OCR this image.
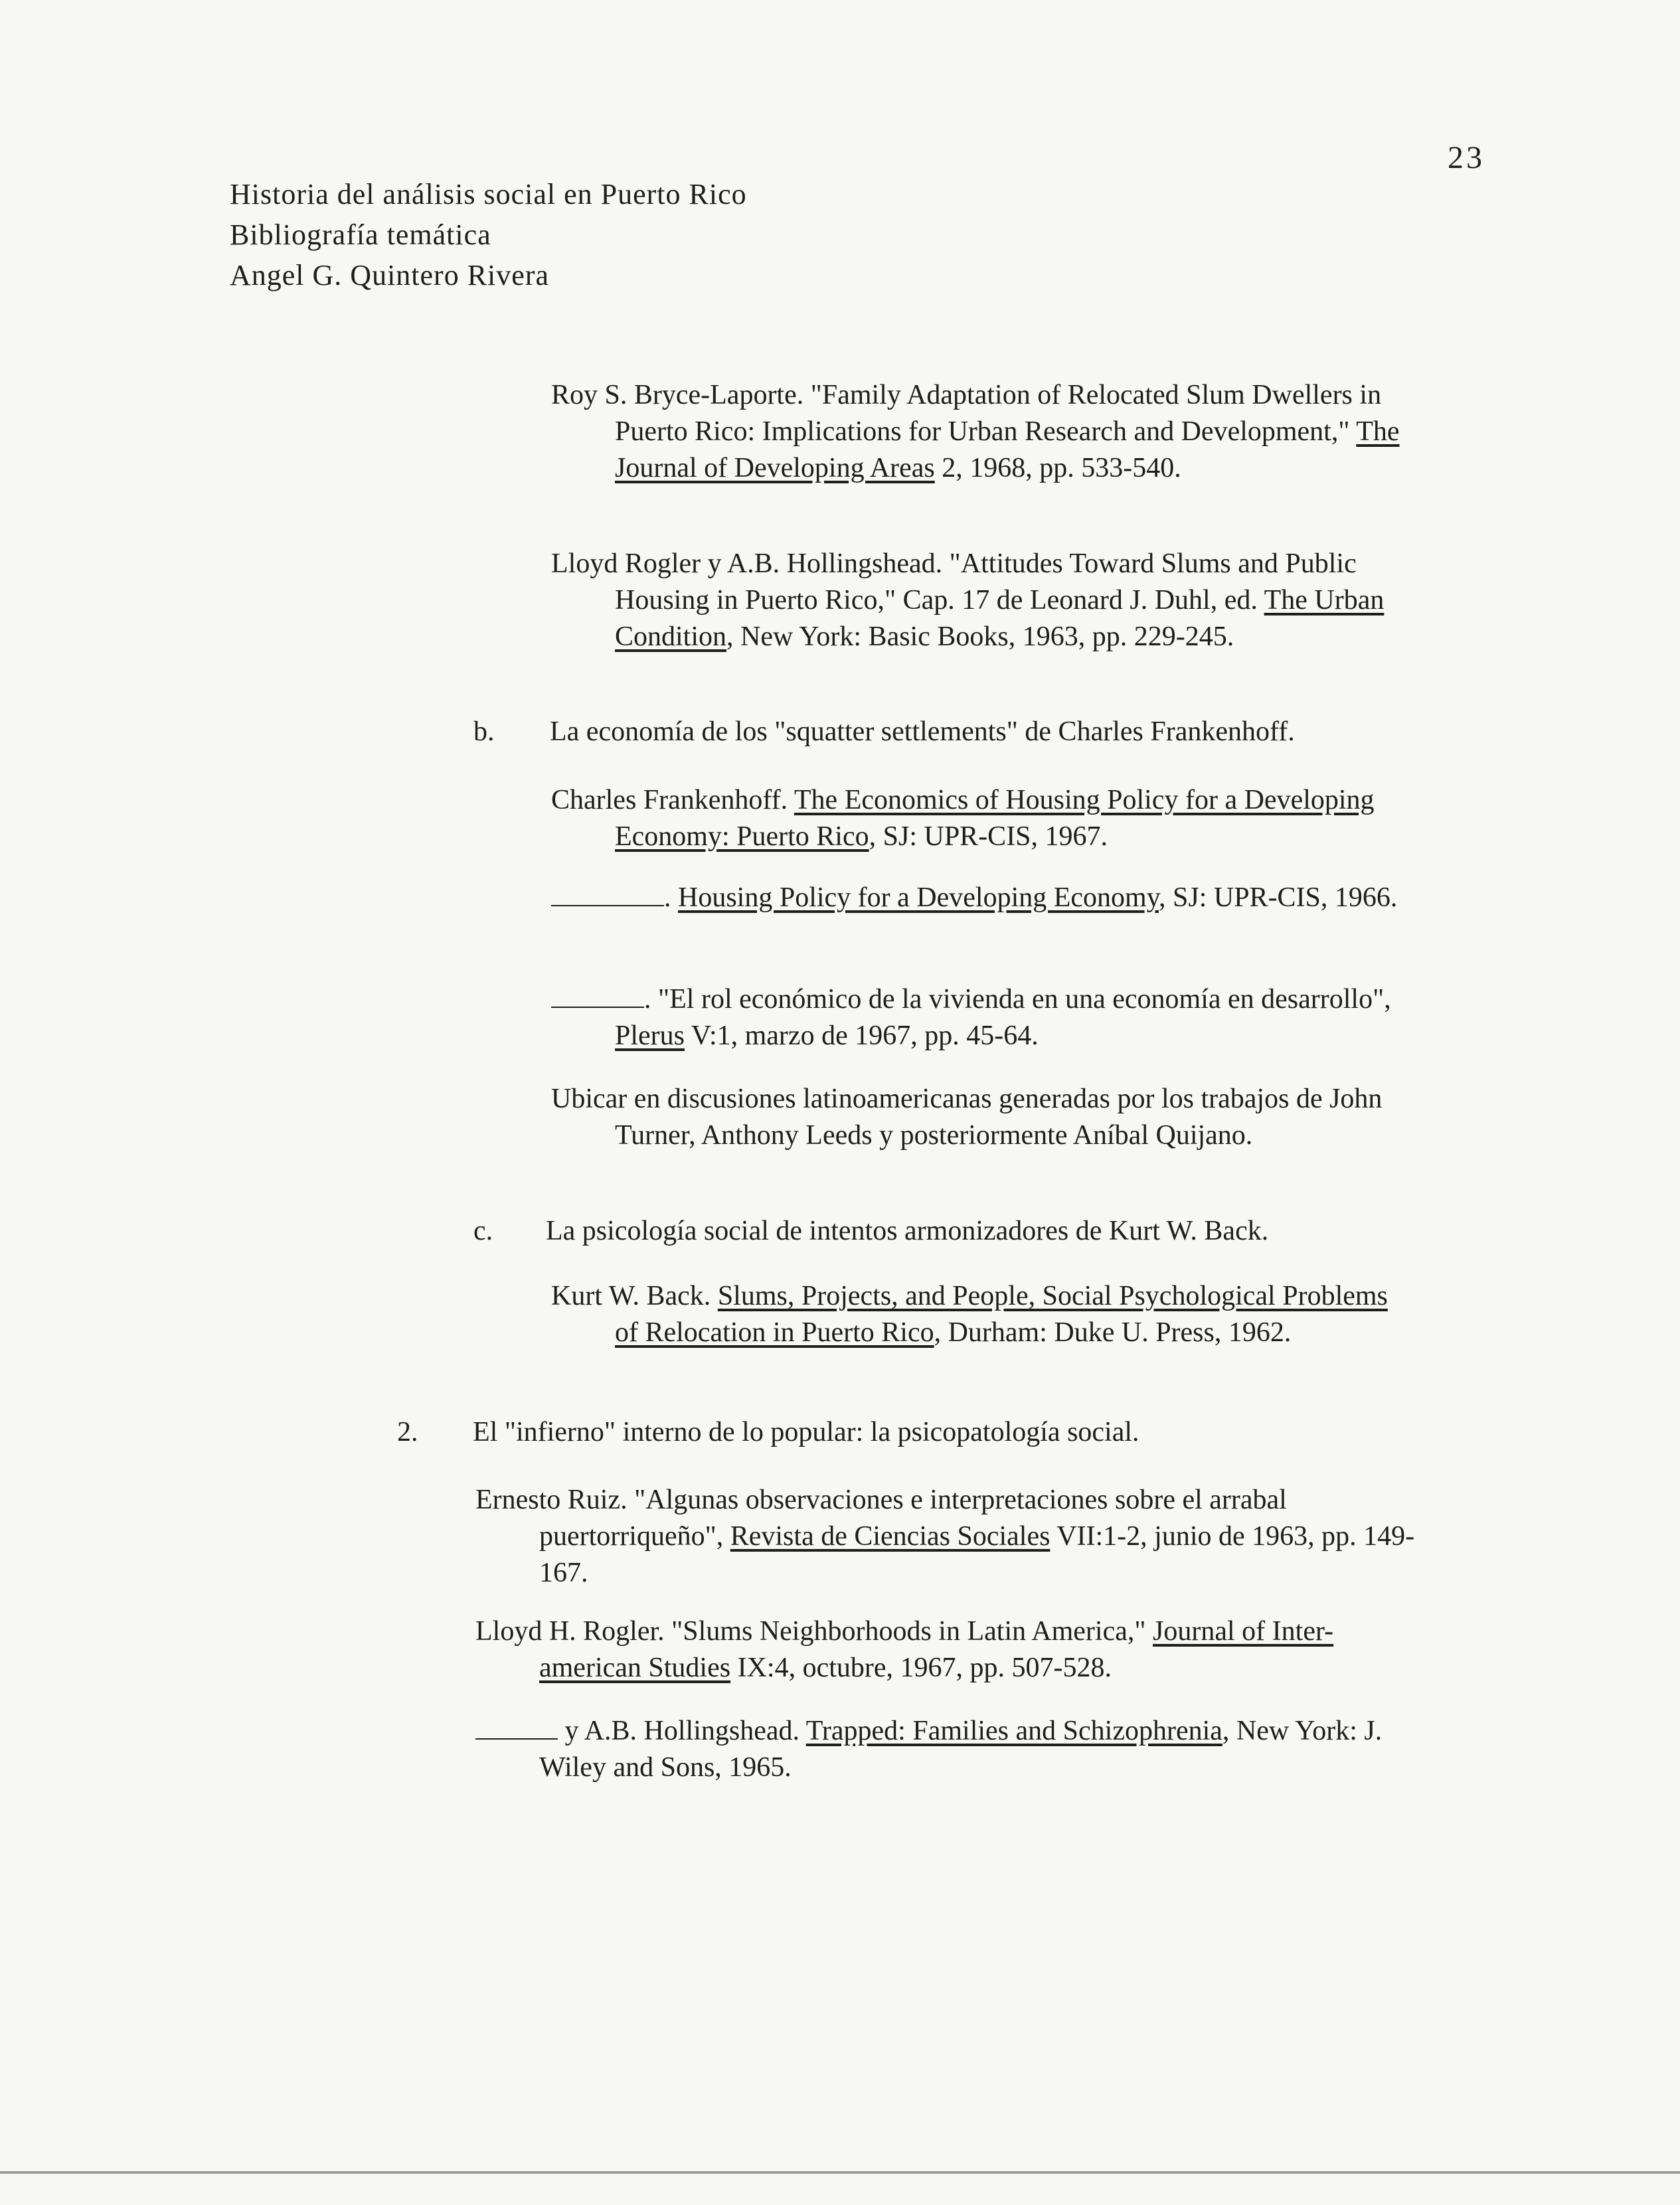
23
Historia del análisis social en Puerto Rico
Bibliografía temática
Angel G. Quintero Rivera
Roy S. Bryce-Laporte. "Family Adaptation of Relocated Slum Dwellers in Puerto Rico: Implications for Urban Research and Development," The Journal of Developing Areas 2, 1968, pp. 533-540.
Lloyd Rogler y A.B. Hollingshead. "Attitudes Toward Slums and Public Housing in Puerto Rico," Cap. 17 de Leonard J. Duhl, ed. The Urban Condition, New York: Basic Books, 1963, pp. 229-245.
b. La economía de los "squatter settlements" de Charles Frankenhoff.
Charles Frankenhoff. The Economics of Housing Policy for a Developing Economy: Puerto Rico, SJ: UPR-CIS, 1967.
. Housing Policy for a Developing Economy, SJ: UPR-CIS, 1966.
. "El rol económico de la vivienda en una economía en desarrollo", Plerus V:1, marzo de 1967, pp. 45-64.
Ubicar en discusiones latinoamericanas generadas por los trabajos de John Turner, Anthony Leeds y posteriormente Aníbal Quijano.
c. La psicología social de intentos armonizadores de Kurt W. Back.
Kurt W. Back. Slums, Projects, and People, Social Psychological Problems of Relocation in Puerto Rico, Durham: Duke U. Press, 1962.
2. El "infierno" interno de lo popular: la psicopatología social.
Ernesto Ruiz. "Algunas observaciones e interpretaciones sobre el arrabal puertorriqueño", Revista de Ciencias Sociales VII:1-2, junio de 1963, pp. 149-167.
Lloyd H. Rogler. "Slums Neighborhoods in Latin America," Journal of Inter-american Studies IX:4, octubre, 1967, pp. 507-528.
y A.B. Hollingshead. Trapped: Families and Schizophrenia, New York: J. Wiley and Sons, 1965.
